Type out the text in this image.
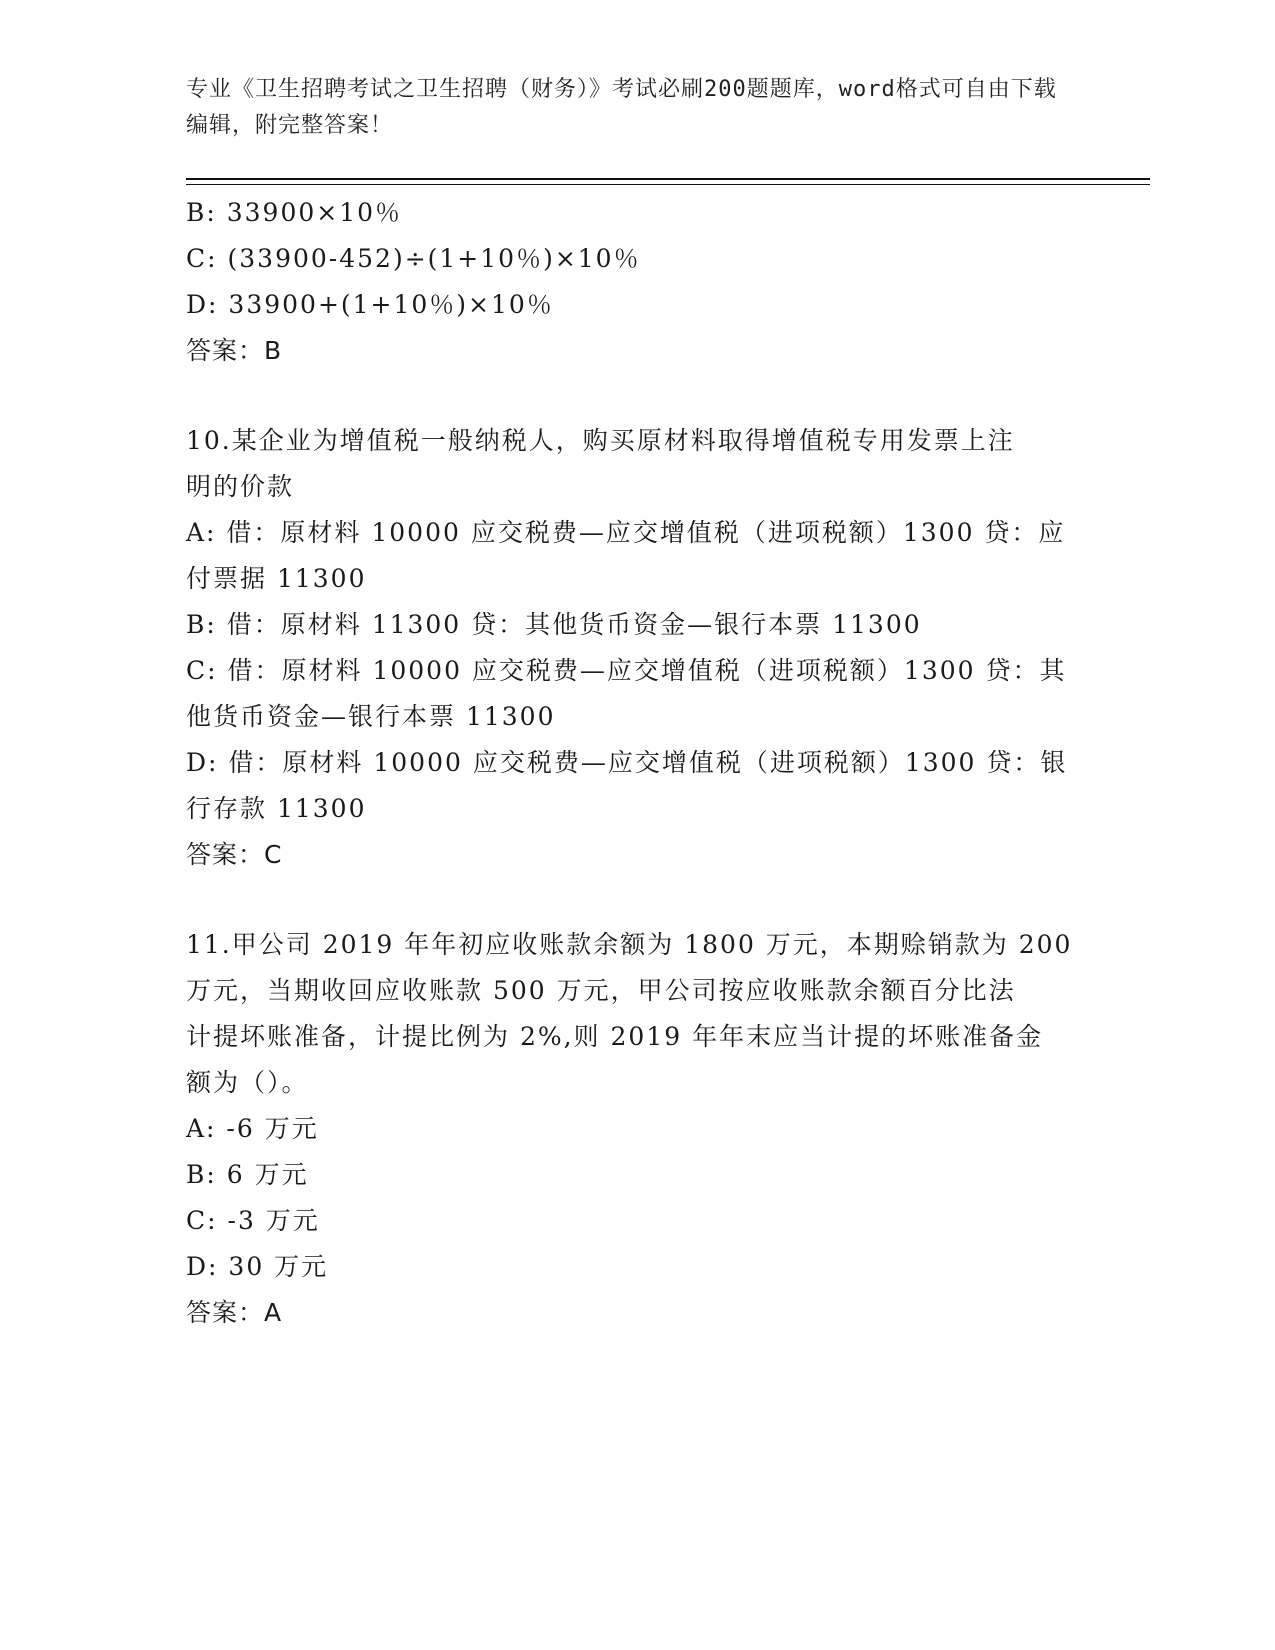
专业《卫生招聘考试之卫生招聘（财务）》考试必刷200题题库，word格式可自由下载编辑，附完整答案！
B: 33900×10％
C: (33900-452)÷(1+10％)×10％
D: 33900+(1+10％)×10％
答案：B
10.某企业为增值税一般纳税人，购买原材料取得增值税专用发票上注
明的价款
A: 借：原材料 10000 应交税费—应交增值税（进项税额）1300 贷：应
付票据 11300
B: 借：原材料 11300 贷：其他货币资金—银行本票 11300
C: 借：原材料 10000 应交税费—应交增值税（进项税额）1300 贷：其
他货币资金—银行本票 11300
D: 借：原材料 10000 应交税费—应交增值税（进项税额）1300 贷：银
行存款 11300
答案：C
11.甲公司 2019 年年初应收账款余额为 1800 万元，本期赊销款为 200
万元，当期收回应收账款 500 万元，甲公司按应收账款余额百分比法
计提坏账准备，计提比例为 2%,则 2019 年年末应当计提的坏账准备金
额为（）。
A: -6 万元
B: 6 万元
C: -3 万元
D: 30 万元
答案：A
